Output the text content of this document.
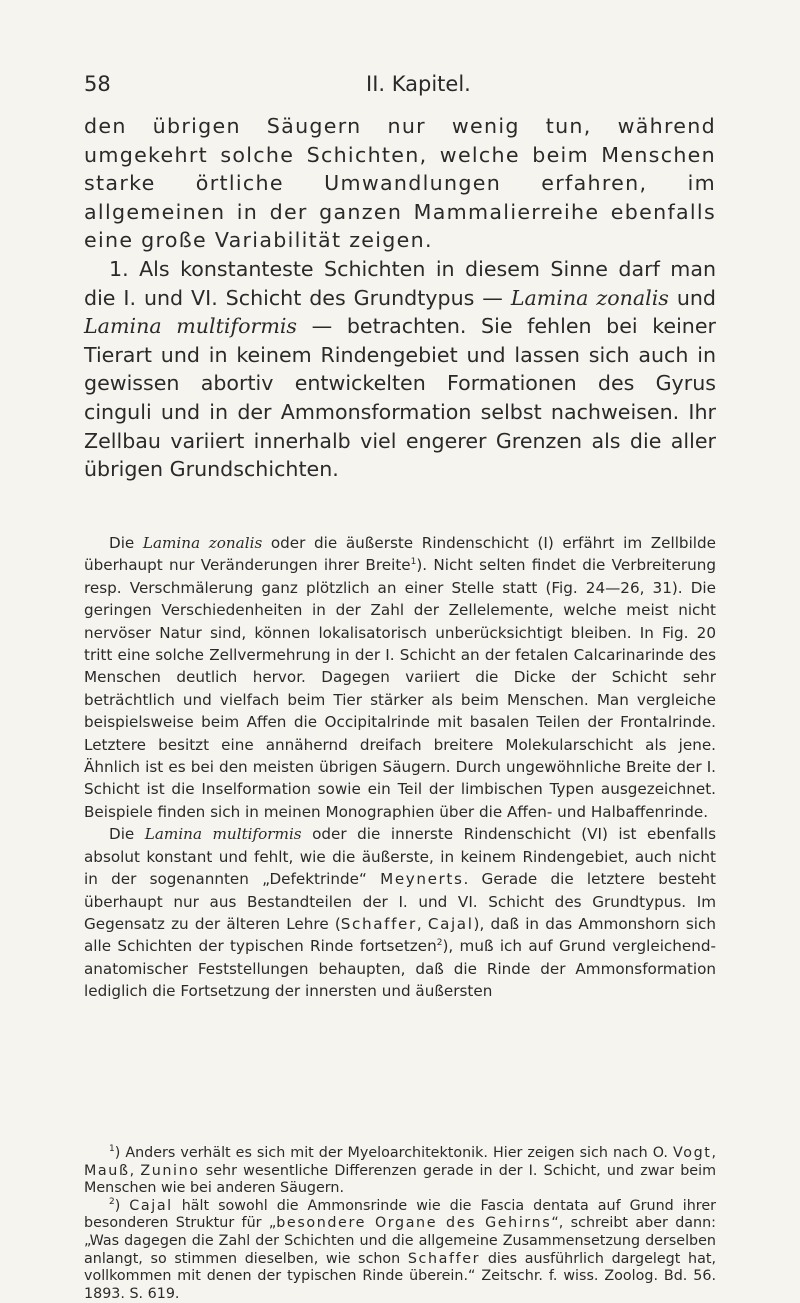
58	II. Kapitel.

den übrigen Säugern nur wenig tun, während umgekehrt solche Schichten, welche beim Menschen starke örtliche Umwandlungen erfahren, im allgemeinen in der ganzen Mammalierreihe ebenfalls eine große Variabilität zeigen.

1. Als konstanteste Schichten in diesem Sinne darf man die I. und VI. Schicht des Grundtypus — Lamina zonalis und Lamina multiformis — betrachten. Sie fehlen bei keiner Tierart und in keinem Rindengebiet und lassen sich auch in gewissen abortiv entwickelten Formationen des Gyrus cinguli und in der Ammonsformation selbst nachweisen. Ihr Zellbau variiert innerhalb viel engerer Grenzen als die aller übrigen Grundschichten.

Die Lamina zonalis oder die äußerste Rindenschicht (I) erfährt im Zellbilde überhaupt nur Veränderungen ihrer Breite$^1$). Nicht selten findet die Verbreiterung resp. Verschmälerung ganz plötzlich an einer Stelle statt (Fig. 24—26, 31). Die geringen Verschiedenheiten in der Zahl der Zellelemente, welche meist nicht nervöser Natur sind, können lokalisatorisch unberücksichtigt bleiben. In Fig. 20 tritt eine solche Zellvermehrung in der I. Schicht an der fetalen Calcarinarinde des Menschen deutlich hervor. Dagegen variiert die Dicke der Schicht sehr beträchtlich und vielfach beim Tier stärker als beim Menschen. Man vergleiche beispielsweise beim Affen die Occipitalrinde mit basalen Teilen der Frontalrinde. Letztere besitzt eine annähernd dreifach breitere Molekularschicht als jene. Ähnlich ist es bei den meisten übrigen Säugern. Durch ungewöhnliche Breite der I. Schicht ist die Inselformation sowie ein Teil der limbischen Typen ausgezeichnet. Beispiele finden sich in meinen Monographien über die Affen- und Halbaffenrinde.

Die Lamina multiformis oder die innerste Rindenschicht (VI) ist ebenfalls absolut konstant und fehlt, wie die äußerste, in keinem Rindengebiet, auch nicht in der sogenannten „Defektrinde“ Meynerts. Gerade die letztere besteht überhaupt nur aus Bestandteilen der I. und VI. Schicht des Grundtypus. Im Gegensatz zu der älteren Lehre (Schaffer, Cajal), daß in das Ammonshorn sich alle Schichten der typischen Rinde fortsetzen$^2$), muß ich auf Grund vergleichend-anatomischer Feststellungen behaupten, daß die Rinde der Ammonsformation lediglich die Fortsetzung der innersten und äußersten

$^1$) Anders verhält es sich mit der Myeloarchitektonik. Hier zeigen sich nach O. Vogt, Mauß, Zunino sehr wesentliche Differenzen gerade in der I. Schicht, und zwar beim Menschen wie bei anderen Säugern.

$^2$) Cajal hält sowohl die Ammonsrinde wie die Fascia dentata auf Grund ihrer besonderen Struktur für „besondere Organe des Gehirns“, schreibt aber dann: „Was dagegen die Zahl der Schichten und die allgemeine Zusammensetzung derselben anlangt, so stimmen dieselben, wie schon Schaffer dies ausführlich dargelegt hat, vollkommen mit denen der typischen Rinde überein.“ Zeitschr. f. wiss. Zoolog. Bd. 56. 1893. S. 619.
